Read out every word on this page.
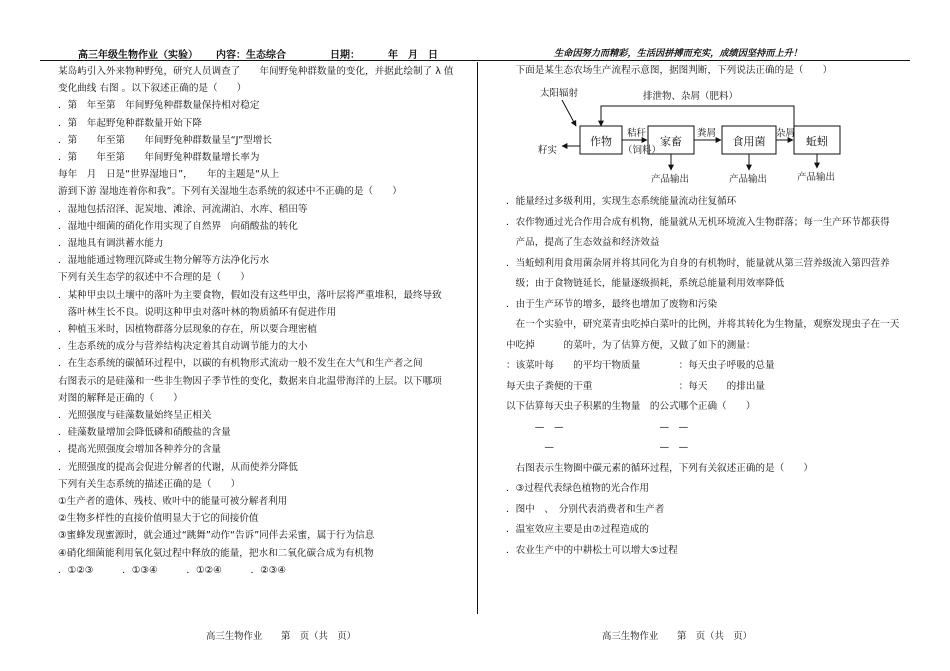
高三年级生物作业（实验） 内容：生态综合	日期：	年　月　日	生命因努力而精彩，生活因拼搏而充实，成绩因坚持而上升！

某岛屿引入外来物种野兔，研究人员调查了　　年间野兔种群数量的变化，并据此绘制了 λ 值

变化曲线 右图 。以下叙述正确的是（　　）

．第　年至第　年间野兔种群数量保持相对稳定

．第　年起野兔种群数量开始下降

．第　　年至第　　年间野兔种群数量呈“J”型增长

．第　　年至第　　年间野兔种群数量增长率为

每年　月　日是“世界湿地日”，　　年的主题是“从上

游到下游 湿地连着你和我”。下列有关湿地生态系统的叙述中不正确的是（　　）

．湿地包括沼泽、泥炭地、滩涂、河流湖泊、水库、稻田等

．湿地中细菌的硝化作用实现了自然界　向硝酸盐的转化

．湿地具有调洪蓄水能力

．湿地能通过物理沉降或生物分解等方法净化污水

下列有关生态学的叙述中不合理的是（　　）

．某种甲虫以土壤中的落叶为主要食物，假如没有这些甲虫，落叶层将严重堆积，最终导致

　落叶林生长不良。说明这种甲虫对落叶林的物质循环有促进作用

．种植玉米时，因植物群落分层现象的存在，所以要合理密植

．生态系统的成分与营养结构决定着其自动调节能力的大小

．在生态系统的碳循环过程中，以碳的有机物形式流动一般不发生在大气和生产者之间

右图表示的是硅藻和一些非生物因子季节性的变化，数据来自北温带海洋的上层。以下哪项

对图的解释是正确的（　　）

．光照强度与硅藻数量始终呈正相关

．硅藻数量增加会降低磷和硝酸盐的含量

．提高光照强度会增加各种养分的含量

．光照强度的提高会促进分解者的代谢，从而使养分降低

下列有关生态系统的描述正确的是（　　）

①生产者的遗体、残枝、败叶中的能量可被分解者利用

②生物多样性的直接价值明显大于它的间接价值

③蜜蜂发现蜜源时，就会通过“跳舞”动作“告诉”同伴去采蜜，属于行为信息

④硝化细菌能利用氧化氨过程中释放的能量，把水和二氧化碳合成为有机物

．①②③　　　．①③④　　　．①②④　　　．②③④

　下面是某生态农场生产流程示意图，据图判断，下列说法正确的是（　　）

作物	家畜	食用菌	蚯蚓
太阳辐射	排泄物、杂屑（肥料）
秸秆
（饲料）
粪屑	杂屑
籽实
产品输出	产品输出	产品输出

．能量经过多级利用，实现生态系统能量流动往复循环

．农作物通过光合作用合成有机物，能量就从无机环境流入生物群落；每一生产环节都获得

　产品，提高了生态效益和经济效益

．当蚯蚓利用食用菌杂屑并将其同化为自身的有机物时，能量就从第三营养级流入第四营养

　级；由于食物链延长，能量逐级损耗，系统总能量利用效率降低

．由于生产环节的增多，最终也增加了废物和污染

　在一个实验中，研究菜青虫吃掉白菜叶的比例，并将其转化为生物量，观察发现虫子在一天

中吃掉　　　的菜叶，为了估算方便，又做了如下的测量：

：该菜叶每　　的平均干物质量　　　　：每天虫子呼吸的总量

每天虫子粪便的干重　　　　　　　　　：每天　　的排出量

以下估算每天虫子积累的生物量　的公式哪个正确（　　）

　　　—　—　　　　　　　　　　—　—

　　　　—　　　　　　　　　　　—　—

　右图表示生物圈中碳元素的循环过程，下列有关叙述正确的是（　　）

．③过程代表绿色植物的光合作用

．图中　、　分别代表消费者和生产者

．温室效应主要是由⑦过程造成的

．农业生产中的中耕松土可以增大⑤过程

高三生物作业　　第　页（共　页）	高三生物作业　　第　页（共　页）
